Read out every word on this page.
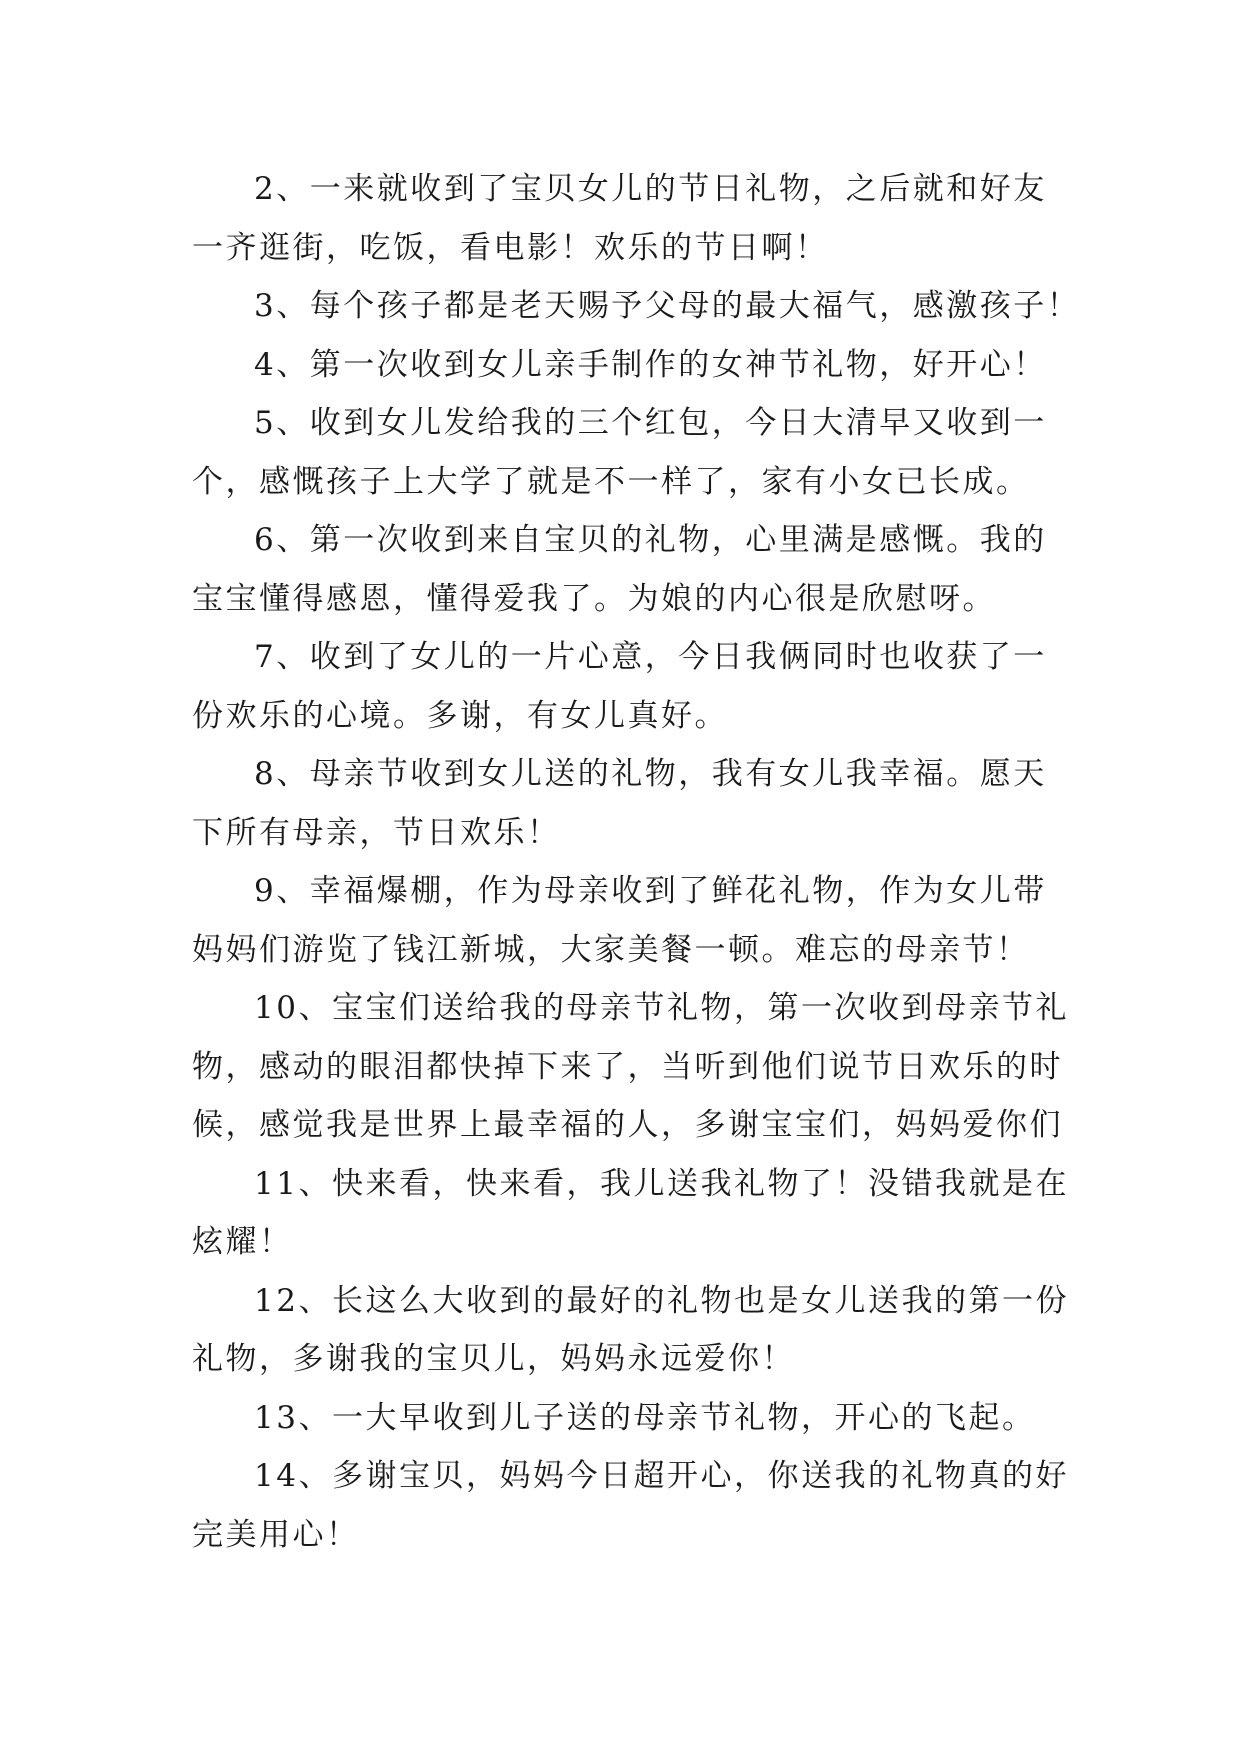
2、一来就收到了宝贝女儿的节日礼物，之后就和好友
一齐逛街，吃饭，看电影！欢乐的节日啊！

3、每个孩子都是老天赐予父母的最大福气，感激孩子！

4、第一次收到女儿亲手制作的女神节礼物，好开心！

5、收到女儿发给我的三个红包，今日大清早又收到一
个，感慨孩子上大学了就是不一样了，家有小女已长成。

6、第一次收到来自宝贝的礼物，心里满是感慨。我的
宝宝懂得感恩，懂得爱我了。为娘的内心很是欣慰呀。

7、收到了女儿的一片心意，今日我俩同时也收获了一
份欢乐的心境。多谢，有女儿真好。

8、母亲节收到女儿送的礼物，我有女儿我幸福。愿天
下所有母亲，节日欢乐！

9、幸福爆棚，作为母亲收到了鲜花礼物，作为女儿带
妈妈们游览了钱江新城，大家美餐一顿。难忘的母亲节！

10、宝宝们送给我的母亲节礼物，第一次收到母亲节礼
物，感动的眼泪都快掉下来了，当听到他们说节日欢乐的时
候，感觉我是世界上最幸福的人，多谢宝宝们，妈妈爱你们

11、快来看，快来看，我儿送我礼物了！没错我就是在
炫耀！

12、长这么大收到的最好的礼物也是女儿送我的第一份
礼物，多谢我的宝贝儿，妈妈永远爱你！

13、一大早收到儿子送的母亲节礼物，开心的飞起。

14、多谢宝贝，妈妈今日超开心，你送我的礼物真的好
完美用心！
